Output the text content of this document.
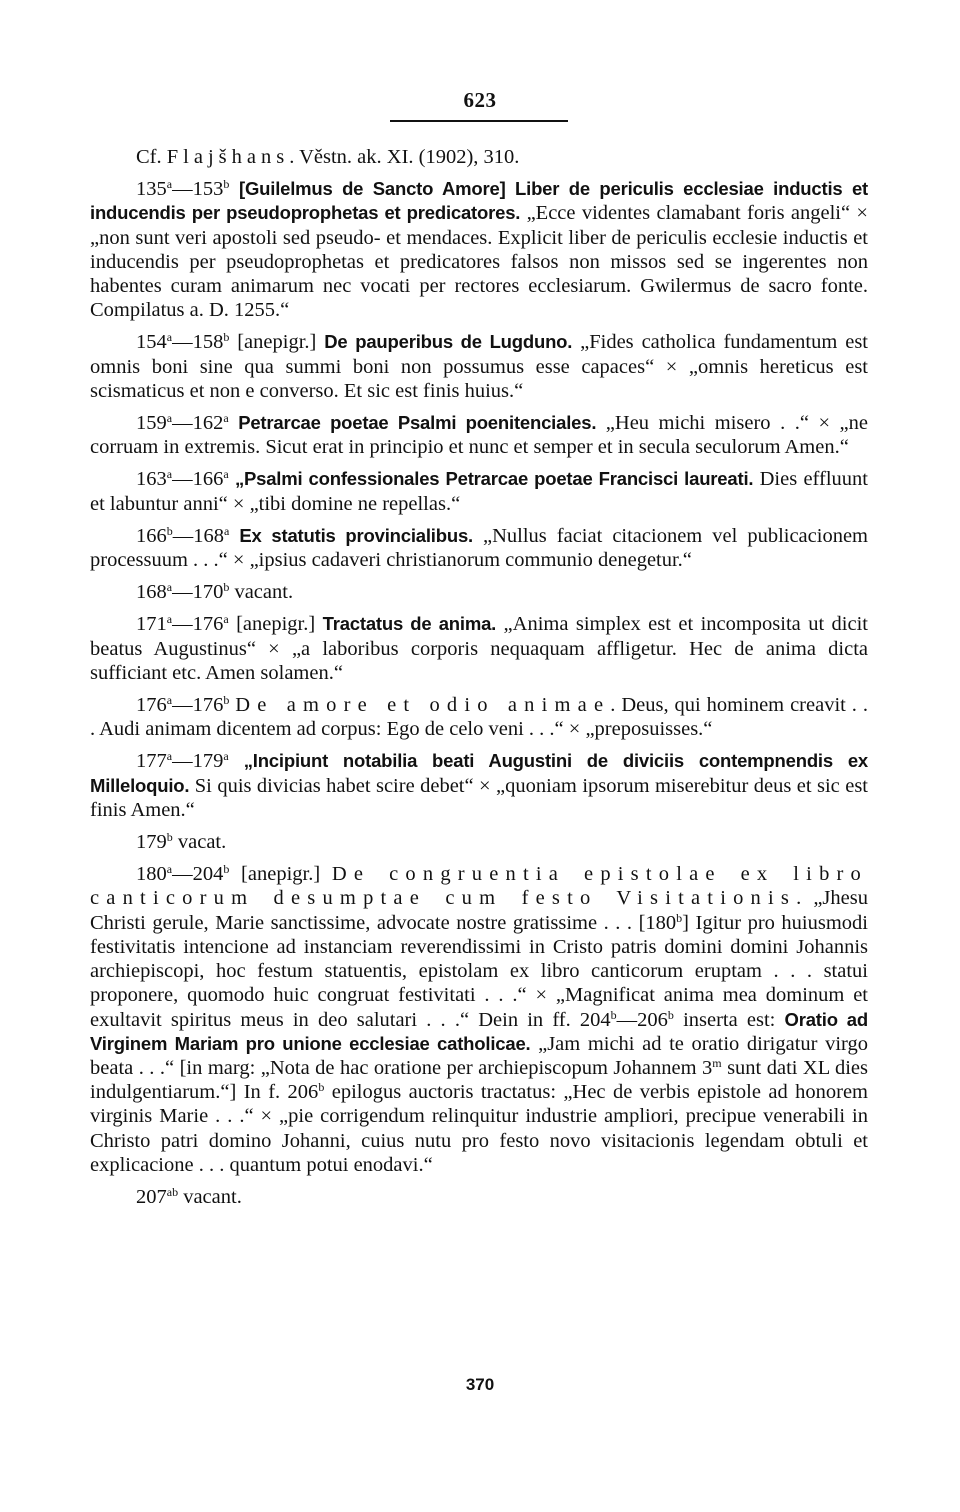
623

Cf. Flajšhans. Věstn. ak. XI. (1902), 310.

135$^a$—153$^b$ [Guilelmus de Sancto Amore] Liber de periculis ecclesiae inductis et inducendis per pseudoprophetas et predicatores. „Ecce videntes clamabant foris angeli“ × „non sunt veri apostoli sed pseudo- et mendaces. Explicit liber de periculis ecclesie inductis et inducendis per pseudoprophetas et predicatores falsos non missos sed se ingerentes non habentes curam animarum nec vocati per rectores ecclesiarum. Gwilermus de sacro fonte. Compilatus a. D. 1255.“

154$^a$—158$^b$ [anepigr.] De pauperibus de Lugduno. „Fides catholica fundamentum est omnis boni sine qua summi boni non possumus esse capaces“ × „omnis hereticus est scismaticus et non e converso. Et sic est finis huius.“

159$^a$—162$^a$ Petrarcae poetae Psalmi poenitenciales. „Heu michi misero . .“ × „ne corruam in extremis. Sicut erat in principio et nunc et semper et in secula seculorum Amen.“

163$^a$—166$^a$ „Psalmi confessionales Petrarcae poetae Francisci laureati. Dies effluunt et labuntur anni“ × „tibi domine ne repellas.“

166$^b$—168$^a$ Ex statutis provincialibus. „Nullus faciat citacionem vel publicacionem processuum . . .“ × „ipsius cadaveri christianorum communio denegetur.“

168$^a$—170$^b$ vacant.

171$^a$—176$^a$ [anepigr.] Tractatus de anima. „Anima simplex est et incomposita ut dicit beatus Augustinus“ × „a laboribus corporis nequaquam affligetur. Hec de anima dicta sufficiant etc. Amen solamen.“

176$^a$—176$^b$ De amore et odio animae. Deus, qui hominem creavit . . . Audi animam dicentem ad corpus: Ego de celo veni . . .“ × „preposuisses.“

177$^a$—179$^a$ „Incipiunt notabilia beati Augustini de diviciis contempnendis ex Milleloquio. Si quis divicias habet scire debet“ × „quoniam ipsorum miserebitur deus et sic est finis Amen.“

179$^b$ vacat.

180$^a$—204$^b$ [anepigr.] De congruentia epistolae ex libro canticorum desumptae cum festo Visitationis. „Jhesu Christi gerule, Marie sanctissime, advocate nostre gratissime . . . [180$^b$] Igitur pro huiusmodi festivitatis intencione ad instanciam reverendissimi in Cristo patris domini domini Johannis archiepiscopi, hoc festum statuentis, epistolam ex libro canticorum eruptam . . . statui proponere, quomodo huic congruat festivitati . . .“ × „Magnificat anima mea dominum et exultavit spiritus meus in deo salutari . . .“ Dein in ff. 204$^b$—206$^b$ inserta est: Oratio ad Virginem Mariam pro unione ecclesiae catholicae. „Jam michi ad te oratio dirigatur virgo beata . . .“ [in marg: „Nota de hac oratione per archiepiscopum Johannem 3$^m$ sunt dati XL dies indulgentiarum.“] In f. 206$^b$ epilogus auctoris tractatus: „Hec de verbis epistole ad honorem virginis Marie . . .“ × „pie corrigendum relinquitur industrie ampliori, precipue venerabili in Christo patri domino Johanni, cuius nutu pro festo novo visitacionis legendam obtuli et explicacione . . . quantum potui enodavi.“

$207^{ab}$ vacant.

370
